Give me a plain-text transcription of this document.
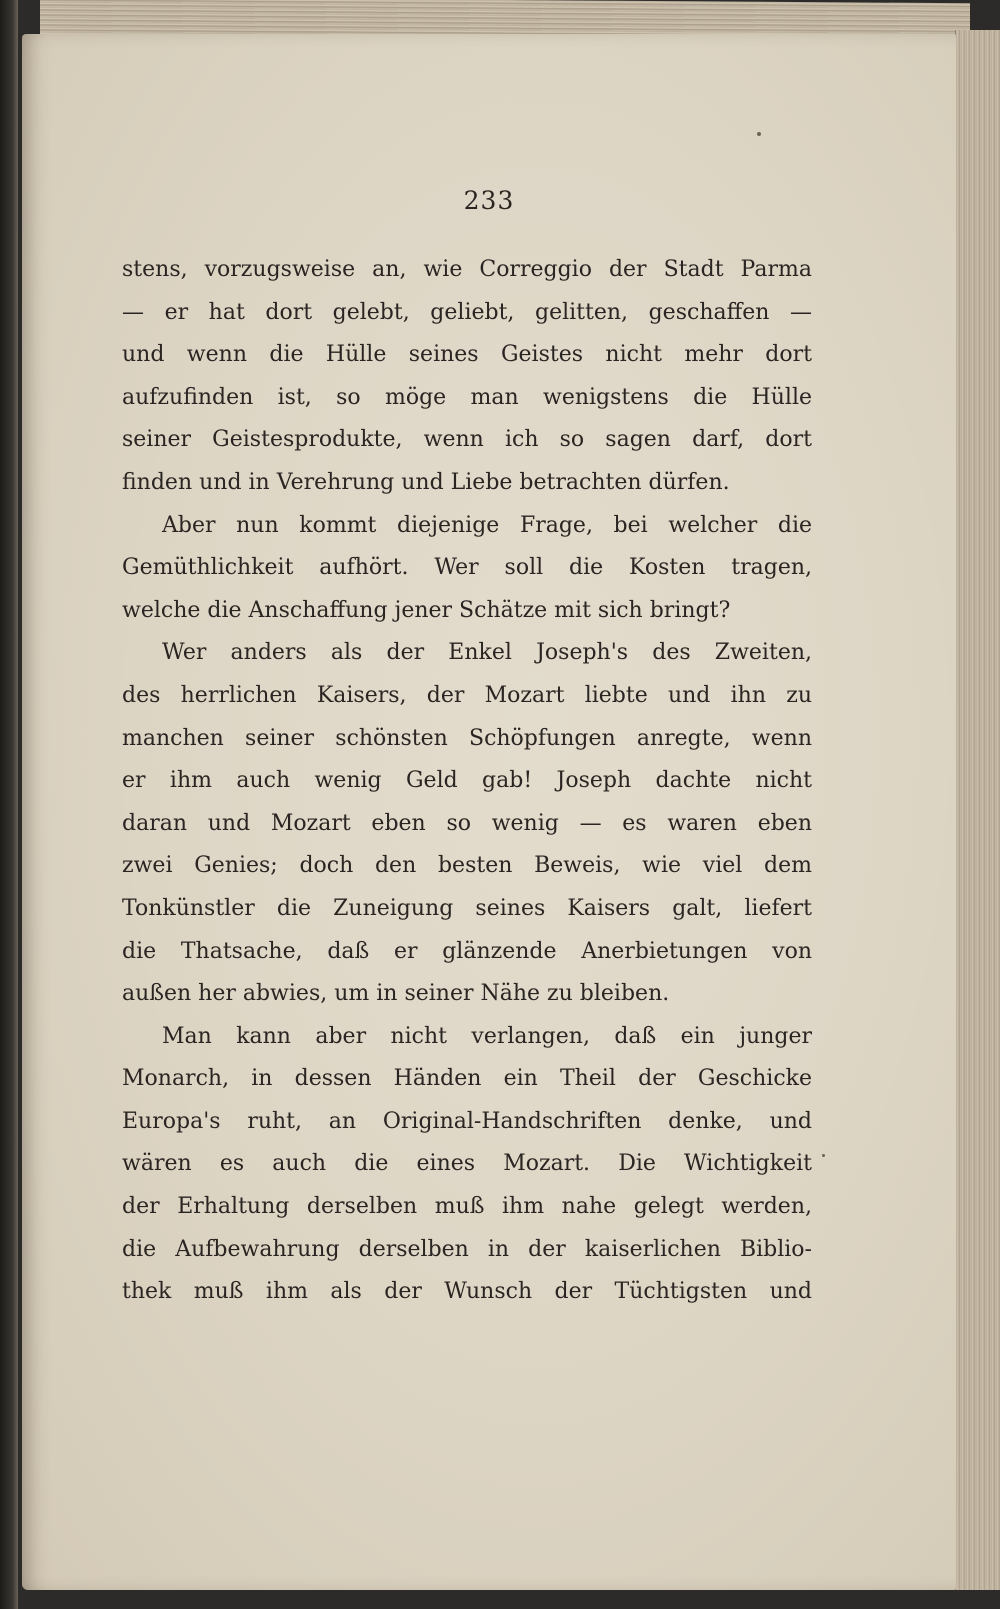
233
stens, vorzugsweise an, wie Correggio der Stadt Parma
— er hat dort gelebt, geliebt, gelitten, geschaffen —
und wenn die Hülle seines Geistes nicht mehr dort
aufzufinden ist, so möge man wenigstens die Hülle
seiner Geistesprodukte, wenn ich so sagen darf, dort
finden und in Verehrung und Liebe betrachten dürfen.
Aber nun kommt diejenige Frage, bei welcher die
Gemüthlichkeit aufhört. Wer soll die Kosten tragen,
welche die Anschaffung jener Schätze mit sich bringt?
Wer anders als der Enkel Joseph's des Zweiten,
des herrlichen Kaisers, der Mozart liebte und ihn zu
manchen seiner schönsten Schöpfungen anregte, wenn
er ihm auch wenig Geld gab! Joseph dachte nicht
daran und Mozart eben so wenig — es waren eben
zwei Genies; doch den besten Beweis, wie viel dem
Tonkünstler die Zuneigung seines Kaisers galt, liefert
die Thatsache, daß er glänzende Anerbietungen von
außen her abwies, um in seiner Nähe zu bleiben.
Man kann aber nicht verlangen, daß ein junger
Monarch, in dessen Händen ein Theil der Geschicke
Europa's ruht, an Original-Handschriften denke, und
wären es auch die eines Mozart. Die Wichtigkeit
der Erhaltung derselben muß ihm nahe gelegt werden,
die Aufbewahrung derselben in der kaiserlichen Biblio-
thek muß ihm als der Wunsch der Tüchtigsten und
